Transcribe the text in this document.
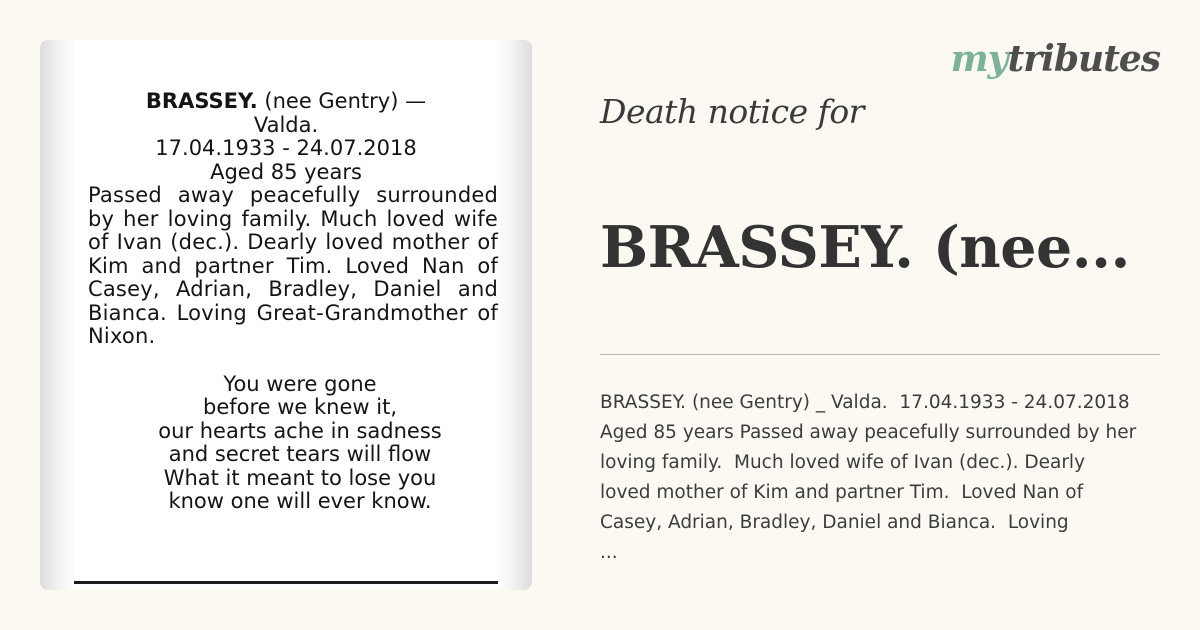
BRASSEY. (nee Gentry) —
Valda.
17.04.1933 - 24.07.2018
Aged 85 years
Passed away peacefully surrounded by her loving family. Much loved wife of Ivan (dec.). Dearly loved mother of Kim and partner Tim. Loved Nan of Casey, Adrian, Bradley, Daniel and Bianca. Loving Great-Grandmother of Nixon.
You were gone
before we knew it,
our hearts ache in sadness
and secret tears will flow
What it meant to lose you
know one will ever know.
mytributes
Death notice for
BRASSEY. (nee...
BRASSEY. (nee Gentry) _ Valda.  17.04.1933 - 24.07.2018
Aged 85 years Passed away peacefully surrounded by her
loving family.  Much loved wife of Ivan (dec.). Dearly
loved mother of Kim and partner Tim.  Loved Nan of
Casey, Adrian, Bradley, Daniel and Bianca.  Loving
...
